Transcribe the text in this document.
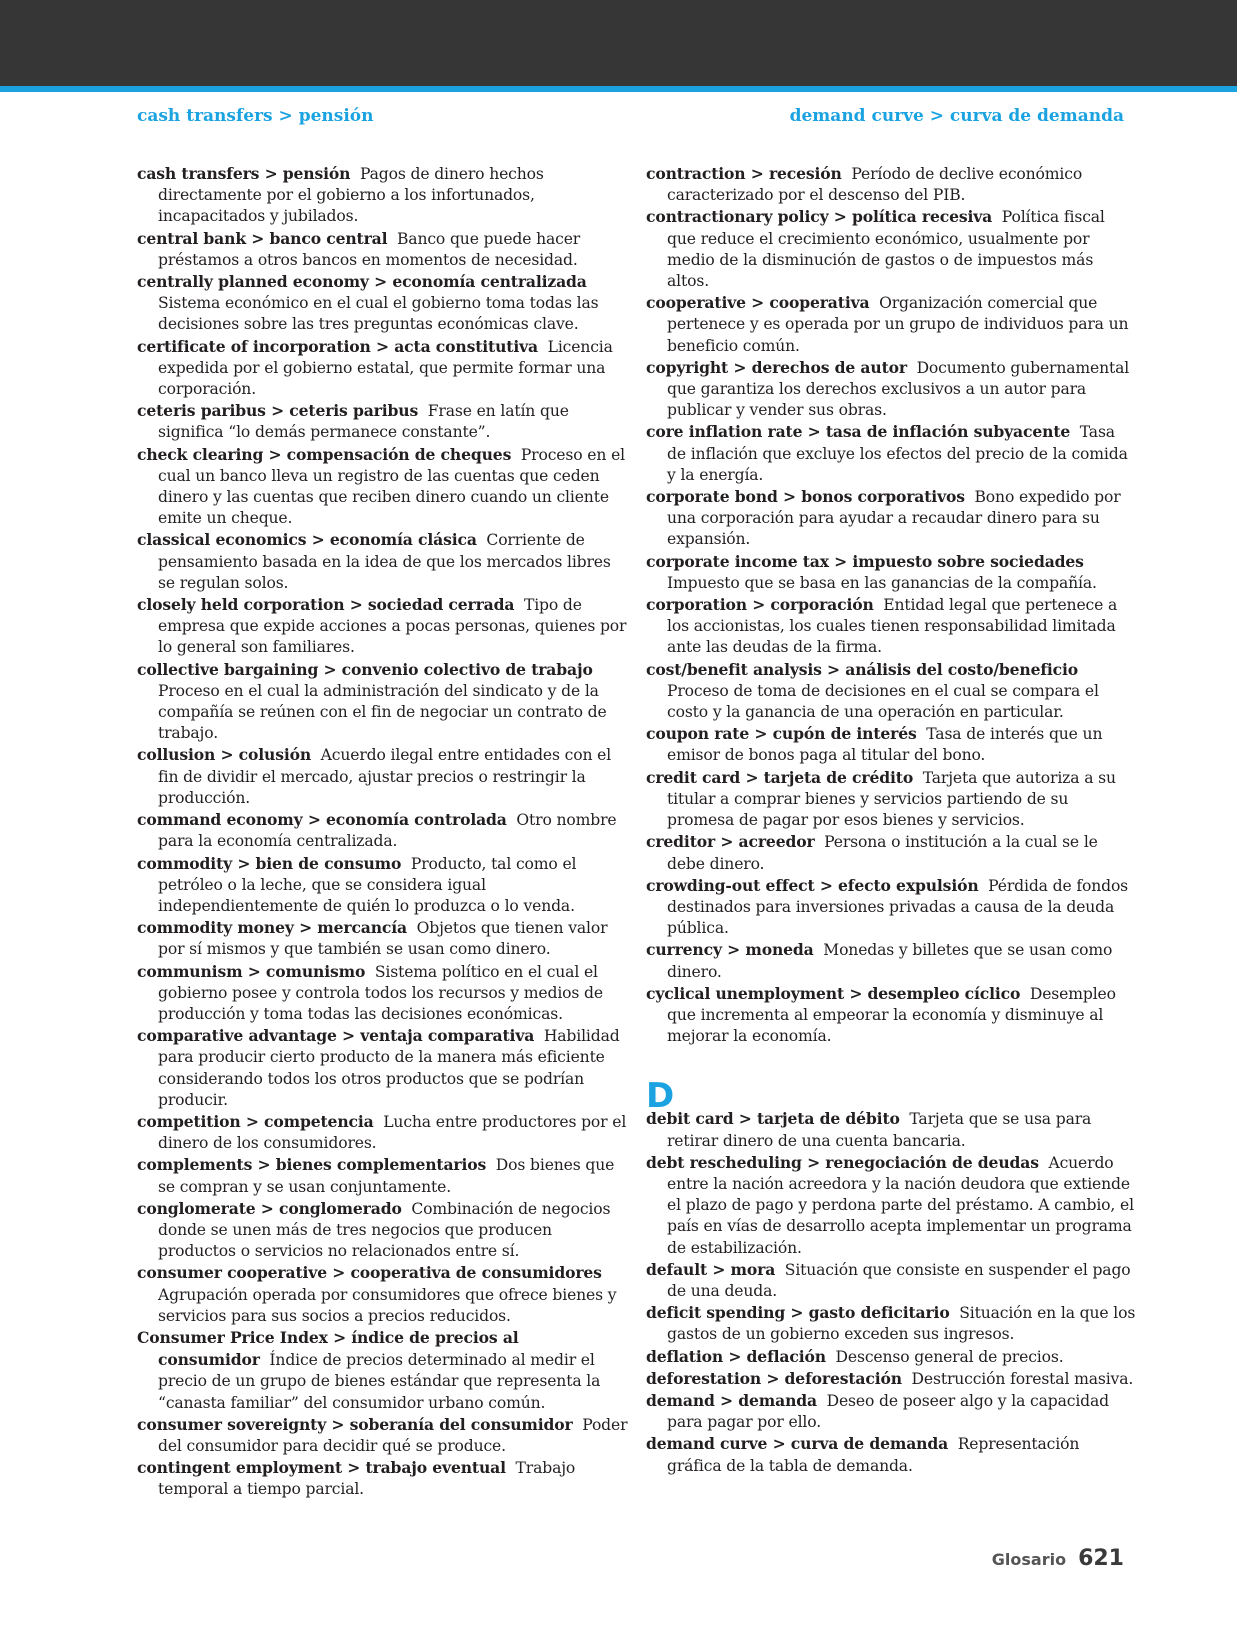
cash transfers > pensión	demand curve > curva de demanda
cash transfers > pensión Pagos de dinero hechos directamente por el gobierno a los infortunados, incapacitados y jubilados.
central bank > banco central Banco que puede hacer préstamos a otros bancos en momentos de necesidad.
centrally planned economy > economía centralizada  Sistema económico en el cual el gobierno toma todas las decisiones sobre las tres preguntas económicas clave.
certificate of incorporation > acta constitutiva Licencia expedida por el gobierno estatal, que permite formar una corporación.
ceteris paribus > ceteris paribus Frase en latín que significa “lo demás permanece constante”.
check clearing > compensación de cheques Proceso en el cual un banco lleva un registro de las cuentas que ceden dinero y las cuentas que reciben dinero cuando un cliente emite un cheque.
classical economics > economía clásica Corriente de pensamiento basada en la idea de que los mercados libres se regulan solos.
closely held corporation > sociedad cerrada Tipo de empresa que expide acciones a pocas personas, quienes por lo general son familiares.
collective bargaining > convenio colectivo de trabajo  Proceso en el cual la administración del sindicato y de la compañía se reúnen con el fin de negociar un contrato de trabajo.
collusion > colusión Acuerdo ilegal entre entidades con el fin de dividir el mercado, ajustar precios o restringir la producción.
command economy > economía controlada Otro nombre para la economía centralizada.
commodity > bien de consumo Producto, tal como el petróleo o la leche, que se considera igual independientemente de quién lo produzca o lo venda.
commodity money > mercancía Objetos que tienen valor por sí mismos y que también se usan como dinero.
communism > comunismo Sistema político en el cual el gobierno posee y controla todos los recursos y medios de producción y toma todas las decisiones económicas.
comparative advantage > ventaja comparativa Habilidad para producir cierto producto de la manera más eficiente considerando todos los otros productos que se podrían producir.
competition > competencia Lucha entre productores por el dinero de los consumidores.
complements > bienes complementarios Dos bienes que se compran y se usan conjuntamente.
conglomerate > conglomerado Combinación de negocios donde se unen más de tres negocios que producen productos o servicios no relacionados entre sí.
consumer cooperative > cooperativa de consumidores  Agrupación operada por consumidores que ofrece bienes y servicios para sus socios a precios reducidos.
Consumer Price Index > índice de precios al consumidor Índice de precios determinado al medir el precio de un grupo de bienes estándar que representa la “canasta familiar” del consumidor urbano común.
consumer sovereignty > soberanía del consumidor Poder del consumidor para decidir qué se produce.
contingent employment > trabajo eventual Trabajo temporal a tiempo parcial.
contraction > recesión Período de declive económico caracterizado por el descenso del PIB.
contractionary policy > política recesiva Política fiscal que reduce el crecimiento económico, usualmente por medio de la disminución de gastos o de impuestos más altos.
cooperative > cooperativa Organización comercial que pertenece y es operada por un grupo de individuos para un beneficio común.
copyright > derechos de autor Documento gubernamental que garantiza los derechos exclusivos a un autor para publicar y vender sus obras.
core inflation rate > tasa de inflación subyacente Tasa de inflación que excluye los efectos del precio de la comida y la energía.
corporate bond > bonos corporativos Bono expedido por una corporación para ayudar a recaudar dinero para su expansión.
corporate income tax > impuesto sobre sociedades  Impuesto que se basa en las ganancias de la compañía.
corporation > corporación Entidad legal que pertenece a los accionistas, los cuales tienen responsabilidad limitada ante las deudas de la firma.
cost/benefit analysis > análisis del costo/beneficio  Proceso de toma de decisiones en el cual se compara el costo y la ganancia de una operación en particular.
coupon rate > cupón de interés Tasa de interés que un emisor de bonos paga al titular del bono.
credit card > tarjeta de crédito Tarjeta que autoriza a su titular a comprar bienes y servicios partiendo de su promesa de pagar por esos bienes y servicios.
creditor > acreedor Persona o institución a la cual se le debe dinero.
crowding-out effect > efecto expulsión Pérdida de fondos destinados para inversiones privadas a causa de la deuda pública.
currency > moneda Monedas y billetes que se usan como dinero.
cyclical unemployment > desempleo cíclico Desempleo que incrementa al empeorar la economía y disminuye al mejorar la economía.
D
debit card > tarjeta de débito Tarjeta que se usa para retirar dinero de una cuenta bancaria.
debt rescheduling > renegociación de deudas Acuerdo entre la nación acreedora y la nación deudora que extiende el plazo de pago y perdona parte del préstamo. A cambio, el país en vías de desarrollo acepta implementar un programa de estabilización.
default > mora Situación que consiste en suspender el pago de una deuda.
deficit spending > gasto deficitario Situación en la que los gastos de un gobierno exceden sus ingresos.
deflation > deflación Descenso general de precios.
deforestation > deforestación Destrucción forestal masiva.
demand > demanda Deseo de poseer algo y la capacidad para pagar por ello.
demand curve > curva de demanda Representación gráfica de la tabla de demanda.
Glosario 621
